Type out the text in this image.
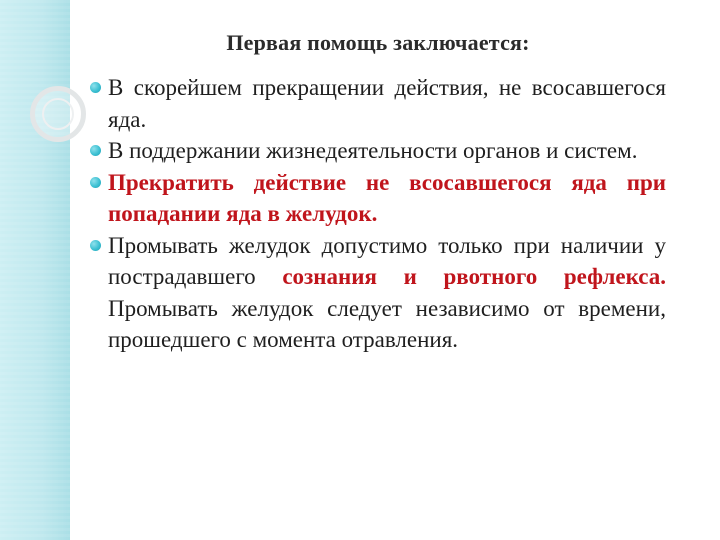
Первая помощь заключается:
В скорейшем прекращении действия, не всосавшегося яда.
В поддержании жизнедеятельности органов и систем.
Прекратить действие не всосавшегося яда при попадании яда в желудок.
Промывать желудок допустимо только при наличии у пострадавшего сознания и рвотного рефлекса. Промывать желудок следует независимо от времени, прошедшего с момента отравления.
